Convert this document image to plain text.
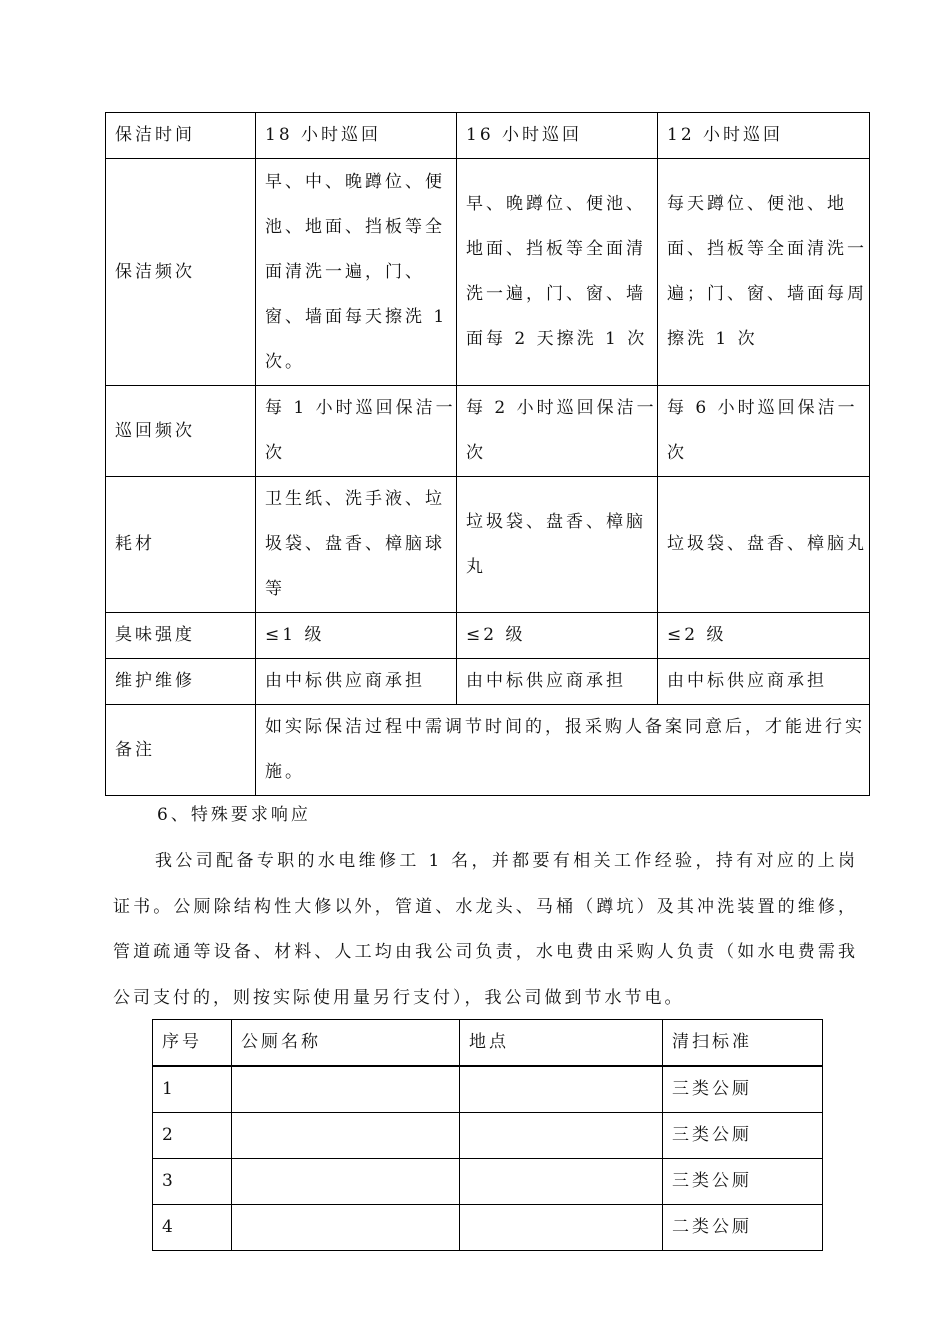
保洁时间	18 小时巡回	16 小时巡回	12 小时巡回
保洁频次	早、中、晚蹲位、便池、地面、挡板等全面清洗一遍，门、窗、墙面每天擦洗 1 次。	早、晚蹲位、便池、地面、挡板等全面清洗一遍，门、窗、墙面每 2 天擦洗 1 次	每天蹲位、便池、地面、挡板等全面清洗一遍；门、窗、墙面每周擦洗 1 次
巡回频次	每 1 小时巡回保洁一次	每 2 小时巡回保洁一次	每 6 小时巡回保洁一次
耗材	卫生纸、洗手液、垃圾袋、盘香、樟脑球等	垃圾袋、盘香、樟脑丸	垃圾袋、盘香、樟脑丸
臭味强度	≤1 级	≤2 级	≤2 级
维护维修	由中标供应商承担	由中标供应商承担	由中标供应商承担
备注	如实际保洁过程中需调节时间的，报采购人备案同意后，才能进行实施。		
6、特殊要求响应

我公司配备专职的水电维修工 1 名，并都要有相关工作经验，持有对应的上岗证书。公厕除结构性大修以外，管道、水龙头、马桶（蹲坑）及其冲洗装置的维修，管道疏通等设备、材料、人工均由我公司负责，水电费由采购人负责（如水电费需我公司支付的，则按实际使用量另行支付），我公司做到节水节电。

序号	公厕名称	地点	清扫标准
1			三类公厕
2			三类公厕
3			三类公厕
4			二类公厕
